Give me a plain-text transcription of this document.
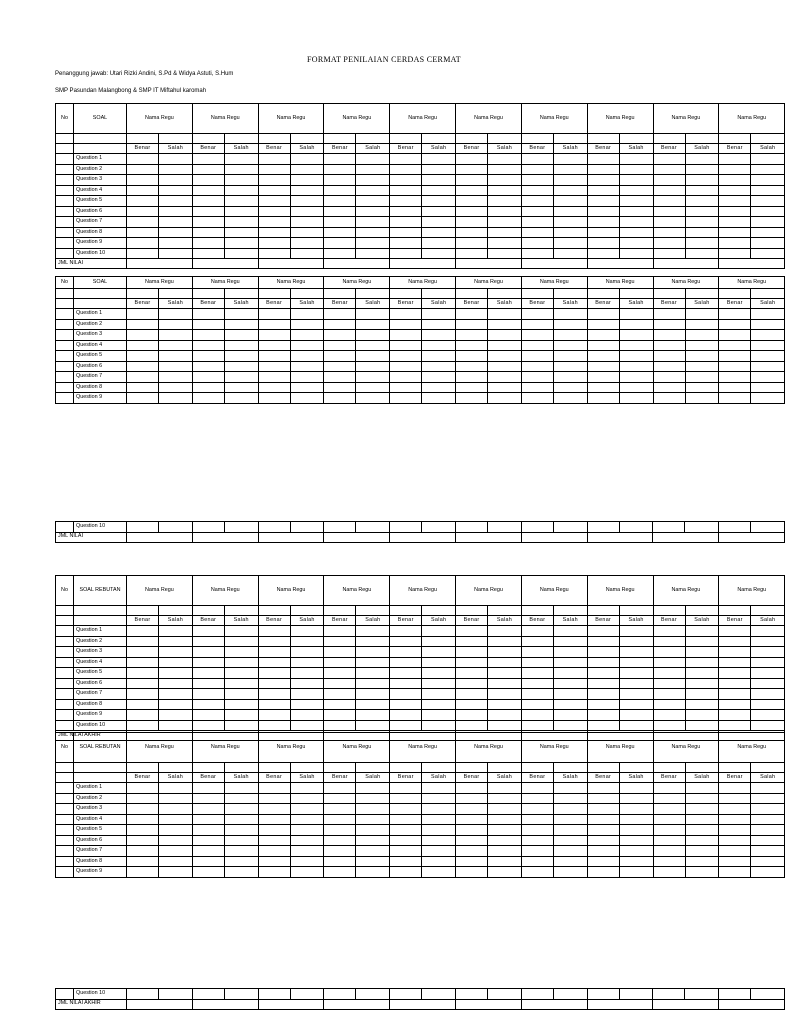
FORMAT PENILAIAN CERDAS CERMAT
Penanggung jawab: Utari Rizki Andini, S.Pd & Widya Astuti, S.Hum
SMP Pasundan Malangbong & SMP IT Miftahul karomah
No	SOAL	Nama Regu		Nama Regu		Nama Regu		Nama Regu		Nama Regu		Nama Regu		Nama Regu		Nama Regu		Nama Regu		Nama Regu	

		Benar	Salah	Benar	Salah	Benar	Salah	Benar	Salah	Benar	Salah	Benar	Salah	Benar	Salah	Benar	Salah	Benar	Salah	Benar	Salah
	Question 1																				
	Question 2																				
	Question 3																				
	Question 4																				
	Question 5																				
	Question 6																				
	Question 7																				
	Question 8																				
	Question 9																				
	Question 10																				
JML NILAI																					
No	SOAL	Nama Regu		Nama Regu		Nama Regu		Nama Regu		Nama Regu		Nama Regu		Nama Regu		Nama Regu		Nama Regu		Nama Regu	

		Benar	Salah	Benar	Salah	Benar	Salah	Benar	Salah	Benar	Salah	Benar	Salah	Benar	Salah	Benar	Salah	Benar	Salah	Benar	Salah
	Question 1																				
	Question 2																				
	Question 3																				
	Question 4																				
	Question 5																				
	Question 6																				
	Question 7																				
	Question 8																				
	Question 9																				
	Question 10																				
JML NILAI																					
No	SOAL REBUTAN	Nama Regu		Nama Regu		Nama Regu		Nama Regu		Nama Regu		Nama Regu		Nama Regu		Nama Regu		Nama Regu		Nama Regu	

		Benar	Salah	Benar	Salah	Benar	Salah	Benar	Salah	Benar	Salah	Benar	Salah	Benar	Salah	Benar	Salah	Benar	Salah	Benar	Salah
	Question 1																				
	Question 2																				
	Question 3																				
	Question 4																				
	Question 5																				
	Question 6																				
	Question 7																				
	Question 8																				
	Question 9																				
	Question 10																				
JML NILAI AKHIR																					
No	SOAL REBUTAN	Nama Regu		Nama Regu		Nama Regu		Nama Regu		Nama Regu		Nama Regu		Nama Regu		Nama Regu		Nama Regu		Nama Regu	

		Benar	Salah	Benar	Salah	Benar	Salah	Benar	Salah	Benar	Salah	Benar	Salah	Benar	Salah	Benar	Salah	Benar	Salah	Benar	Salah
	Question 1																				
	Question 2																				
	Question 3																				
	Question 4																				
	Question 5																				
	Question 6																				
	Question 7																				
	Question 8																				
	Question 9																				
	Question 10																				
JML NILAI AKHIR																					
